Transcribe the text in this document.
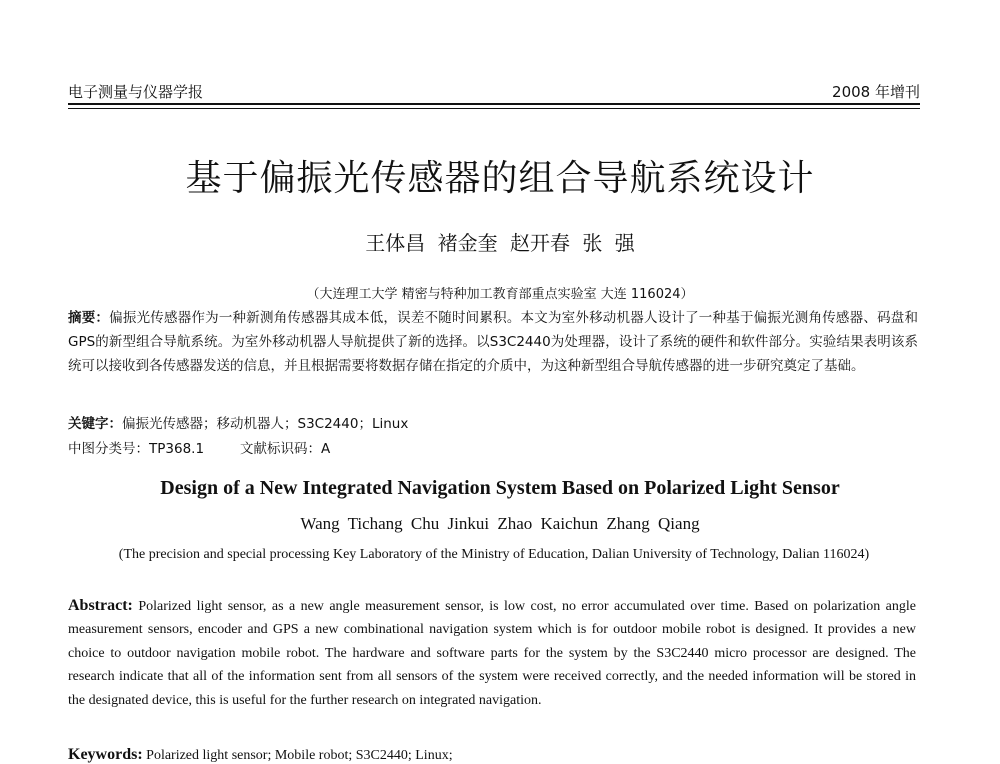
电子测量与仪器学报	2008 年增刊
基于偏振光传感器的组合导航系统设计
王体昌 褚金奎 赵开春 张 强
（大连理工大学 精密与特种加工教育部重点实验室 大连 116024）
摘要：偏振光传感器作为一种新测角传感器其成本低，误差不随时间累积。本文为室外移动机器人设计了一种基于偏振光测角传感器、码盘和GPS的新型组合导航系统。为室外移动机器人导航提供了新的选择。以S3C2440为处理器，设计了系统的硬件和软件部分。实验结果表明该系统可以接收到各传感器发送的信息，并且根据需要将数据存储在指定的介质中，为这种新型组合导航传感器的进一步研究奠定了基础。
关键字：偏振光传感器；移动机器人；S3C2440；Linux
中图分类号：TP368.1	文献标识码：A
Design of a New Integrated Navigation System Based on Polarized Light Sensor
Wang Tichang Chu Jinkui Zhao Kaichun Zhang Qiang
(The precision and special processing Key Laboratory of the Ministry of Education, Dalian University of Technology, Dalian 116024)
Abstract: Polarized light sensor, as a new angle measurement sensor, is low cost, no error accumulated over time. Based on polarization angle measurement sensors, encoder and GPS a new combinational navigation system which is for outdoor mobile robot is designed. It provides a new choice to outdoor navigation mobile robot. The hardware and software parts for the system by the S3C2440 micro processor are designed. The research indicate that all of the information sent from all sensors of the system were received correctly, and the needed information will be stored in the designated device, this is useful for the further research on integrated navigation.
Keywords: Polarized light sensor; Mobile robot; S3C2440; Linux;
